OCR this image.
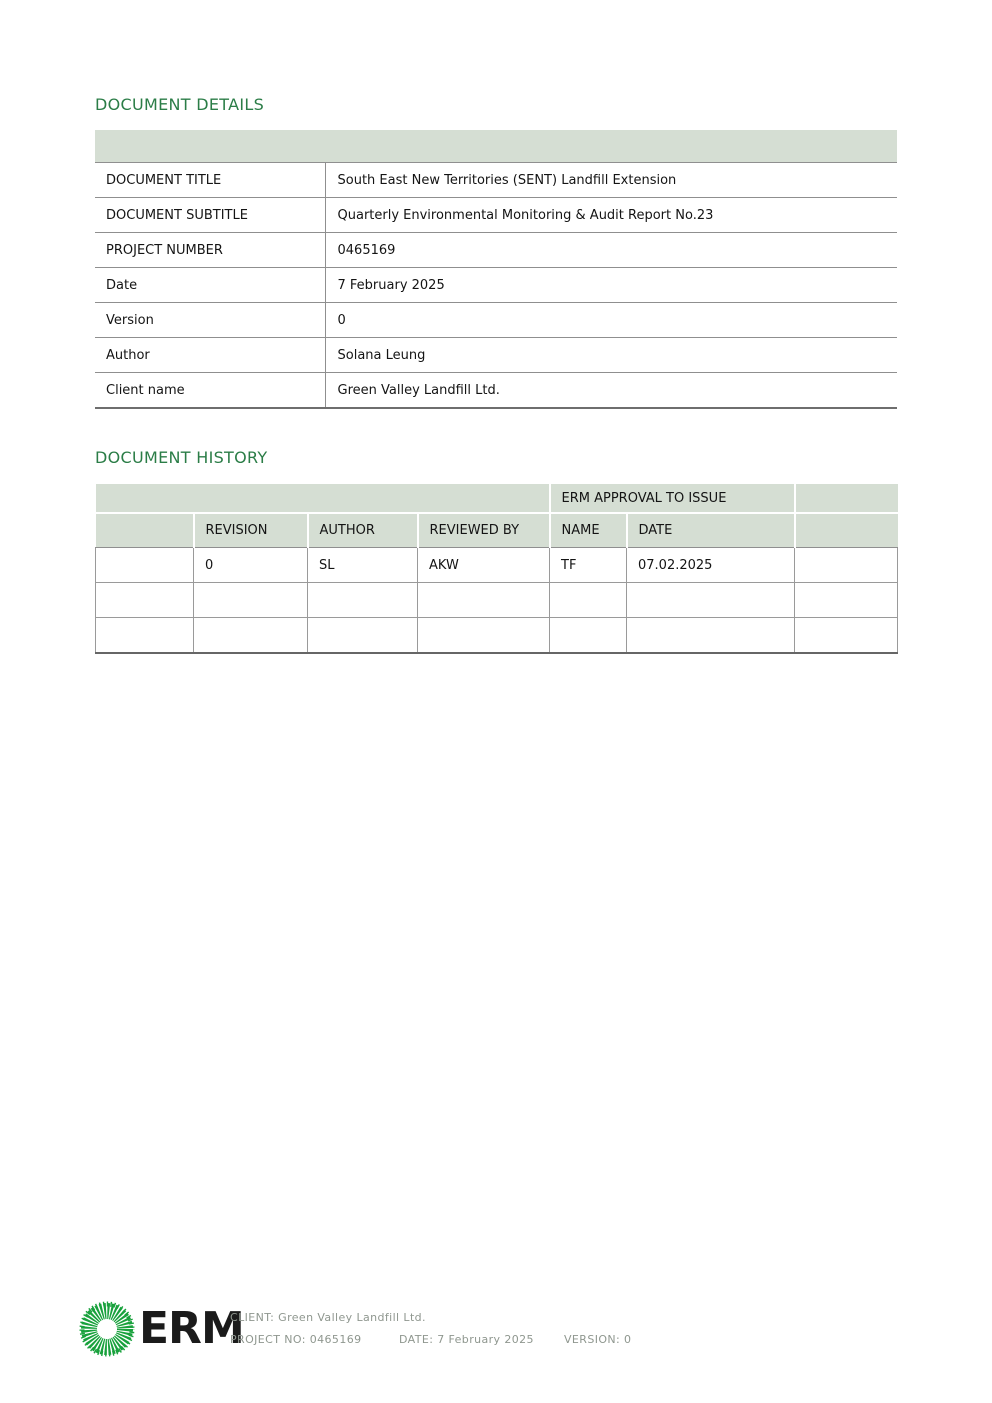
DOCUMENT DETAILS

DOCUMENT TITLE	South East New Territories (SENT) Landfill Extension
DOCUMENT SUBTITLE	Quarterly Environmental Monitoring & Audit Report No.23
PROJECT NUMBER	0465169
Date	7 February 2025
Version	0
Author	Solana Leung
Client name	Green Valley Landfill Ltd.
DOCUMENT HISTORY
				ERM APPROVAL TO ISSUE		
	REVISION	AUTHOR	REVIEWED BY	NAME	DATE	
	0	SL	AKW	TF	07.02.2025	

ERM
CLIENT: Green Valley Landfill Ltd.
PROJECT NO: 0465169	DATE: 7 February 2025	VERSION: 0
